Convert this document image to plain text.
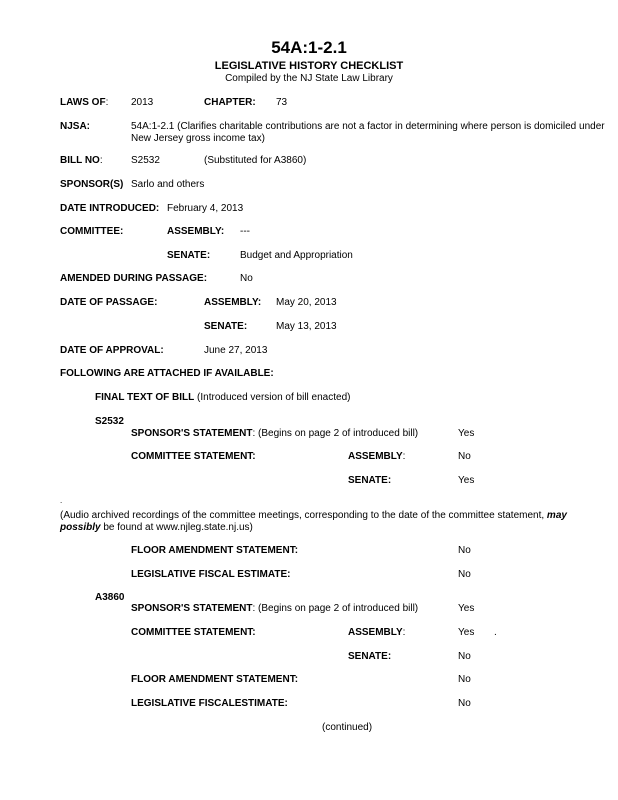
54A:1-2.1
LEGISLATIVE HISTORY CHECKLIST
Compiled by the NJ State Law Library
LAWS OF: 2013	CHAPTER: 73
NJSA:	54A:1-2.1 (Clarifies charitable contributions are not a factor in determining where person is domiciled under New Jersey gross income tax)
BILL NO:	S2532	(Substituted for A3860)
SPONSOR(S) Sarlo and others
DATE INTRODUCED: February 4, 2013
COMMITTEE:	ASSEMBLY: ---
SENATE:	Budget and Appropriation
AMENDED DURING PASSAGE:	No
DATE OF PASSAGE:	ASSEMBLY: May 20, 2013
SENATE:	May 13, 2013
DATE OF APPROVAL:	June 27, 2013
FOLLOWING ARE ATTACHED IF AVAILABLE:
FINAL TEXT OF BILL (Introduced version of bill enacted)
S2532
SPONSOR'S STATEMENT: (Begins on page 2 of introduced bill)	Yes
COMMITTEE STATEMENT:	ASSEMBLY:	No
SENATE:	Yes
.
(Audio archived recordings of the committee meetings, corresponding to the date of the committee statement, may possibly be found at www.njleg.state.nj.us)
FLOOR AMENDMENT STATEMENT:	No
LEGISLATIVE FISCAL ESTIMATE:	No
A3860
SPONSOR'S STATEMENT: (Begins on page 2 of introduced bill)	Yes
COMMITTEE STATEMENT:	ASSEMBLY:	Yes .
SENATE:	No
FLOOR AMENDMENT STATEMENT:	No
LEGISLATIVE FISCALESTIMATE:	No
(continued)
